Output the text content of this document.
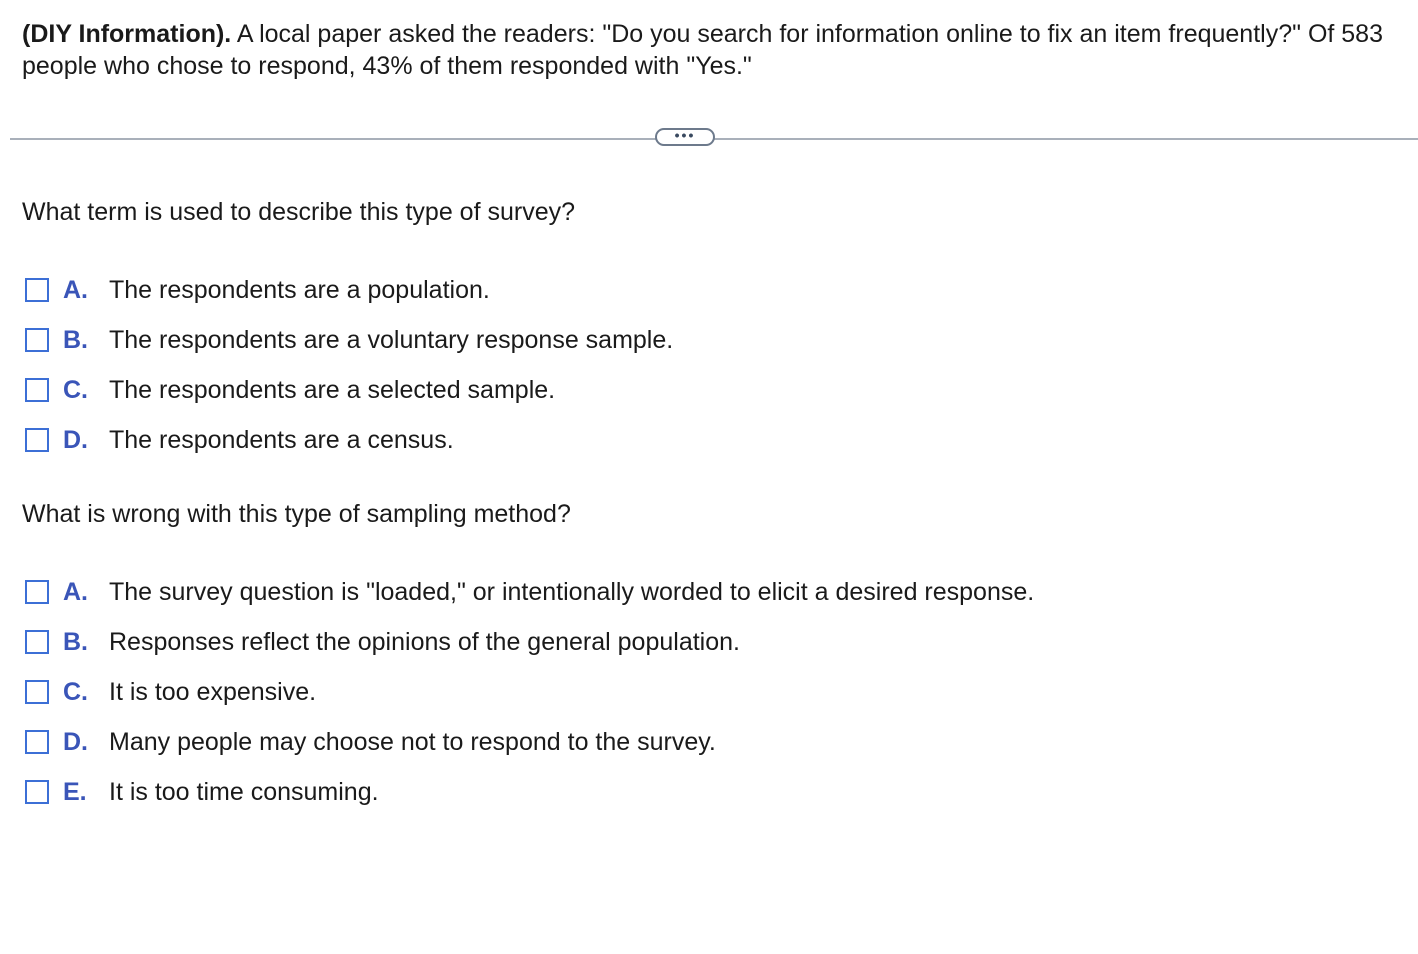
(DIY Information). A local paper asked the readers: "Do you search for information online to fix an item frequently?" Of 583 people who chose to respond, 43% of them responded with "Yes."
•••
What term is used to describe this type of survey?
A. The respondents are a population.
B. The respondents are a voluntary response sample.
C. The respondents are a selected sample.
D. The respondents are a census.
What is wrong with this type of sampling method?
A. The survey question is "loaded," or intentionally worded to elicit a desired response.
B. Responses reflect the opinions of the general population.
C. It is too expensive.
D. Many people may choose not to respond to the survey.
E. It is too time consuming.
